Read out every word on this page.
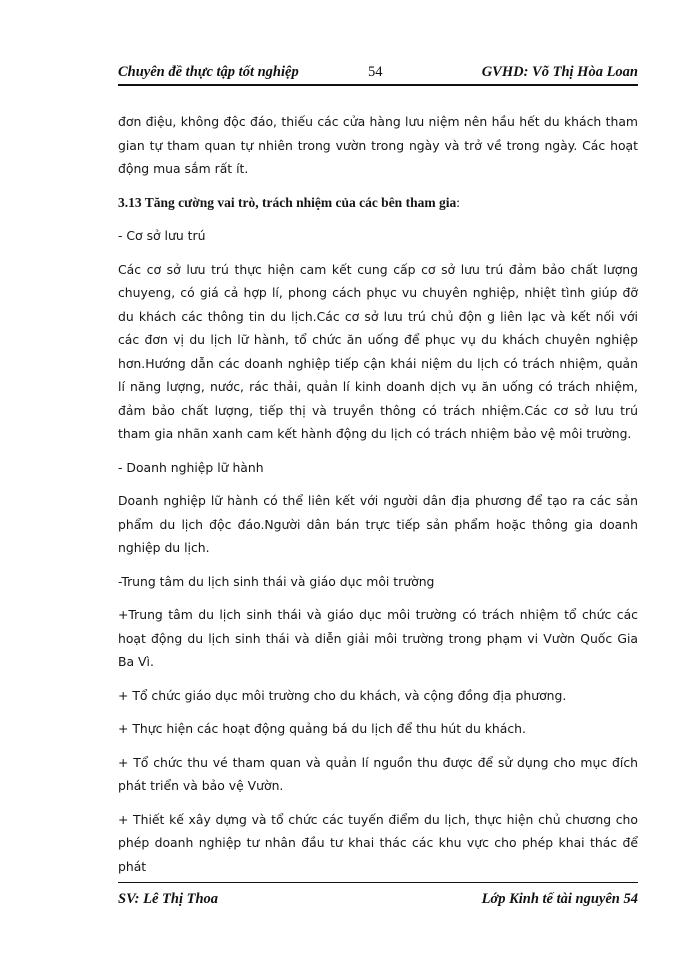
Chuyên đề thực tập tốt nghiệp	54	GVHD: Võ Thị Hòa Loan

đơn điệu, không độc đáo, thiếu các cửa hàng lưu niệm nên hầu hết du khách tham gian tự tham quan tự nhiên trong vườn trong ngày và trở về trong ngày. Các hoạt động mua sắm rất ít.

3.13 Tăng cường vai trò, trách nhiệm của các bên tham gia:

- Cơ sở lưu trú

Các cơ sở lưu trú thực hiện cam kết cung cấp cơ sở lưu trú đảm bảo chất lượng chuyeng, có giá cả hợp lí, phong cách phục vu chuyên nghiệp, nhiệt tình giúp đỡ du khách các thông tin du lịch.Các cơ sở lưu trú chủ độn g liên lạc và kết nối với các đơn vị du lịch lữ hành, tổ chức ăn uống để phục vụ du khách chuyên nghiệp hơn.Hướng dẫn các doanh nghiệp tiếp cận khái niệm du lịch có trách nhiệm, quản lí năng lượng, nước, rác thải, quản lí kinh doanh dịch vụ ăn uống có trách nhiệm, đảm bảo chất lượng, tiếp thị và truyền thông có trách nhiệm.Các cơ sở lưu trú tham gia nhãn xanh cam kết hành động du lịch có trách nhiệm bảo vệ môi trường.

- Doanh nghiệp lữ hành

Doanh nghiệp lữ hành có thể liên kết với người dân địa phương để tạo ra các sản phẩm du lịch độc đáo.Người dân bán trực tiếp sản phẩm hoặc thông gia doanh nghiệp du lịch.

-Trung tâm du lịch sinh thái và giáo dục môi trường

+Trung tâm du lịch sinh thái và giáo dục môi trường có trách nhiệm tổ chức các hoạt động du lịch sinh thái và diễn giải môi trường trong phạm vi Vườn Quốc Gia Ba Vì.

+ Tổ chức giáo dục môi trường cho du khách, và cộng đồng địa phương.

+ Thực hiện các hoạt động quảng bá du lịch để thu hút du khách.

+ Tổ chức thu vé tham quan và quản lí nguồn thu được để sử dụng cho mục đích phát triển và bảo vệ Vườn.

+ Thiết kế xây dựng và tổ chức các tuyến điểm du lịch, thực hiện chủ chương cho phép doanh nghiệp tư nhân đầu tư khai thác các khu vực cho phép khai thác để phát

SV: Lê Thị Thoa	Lớp Kinh tế tài nguyên 54
